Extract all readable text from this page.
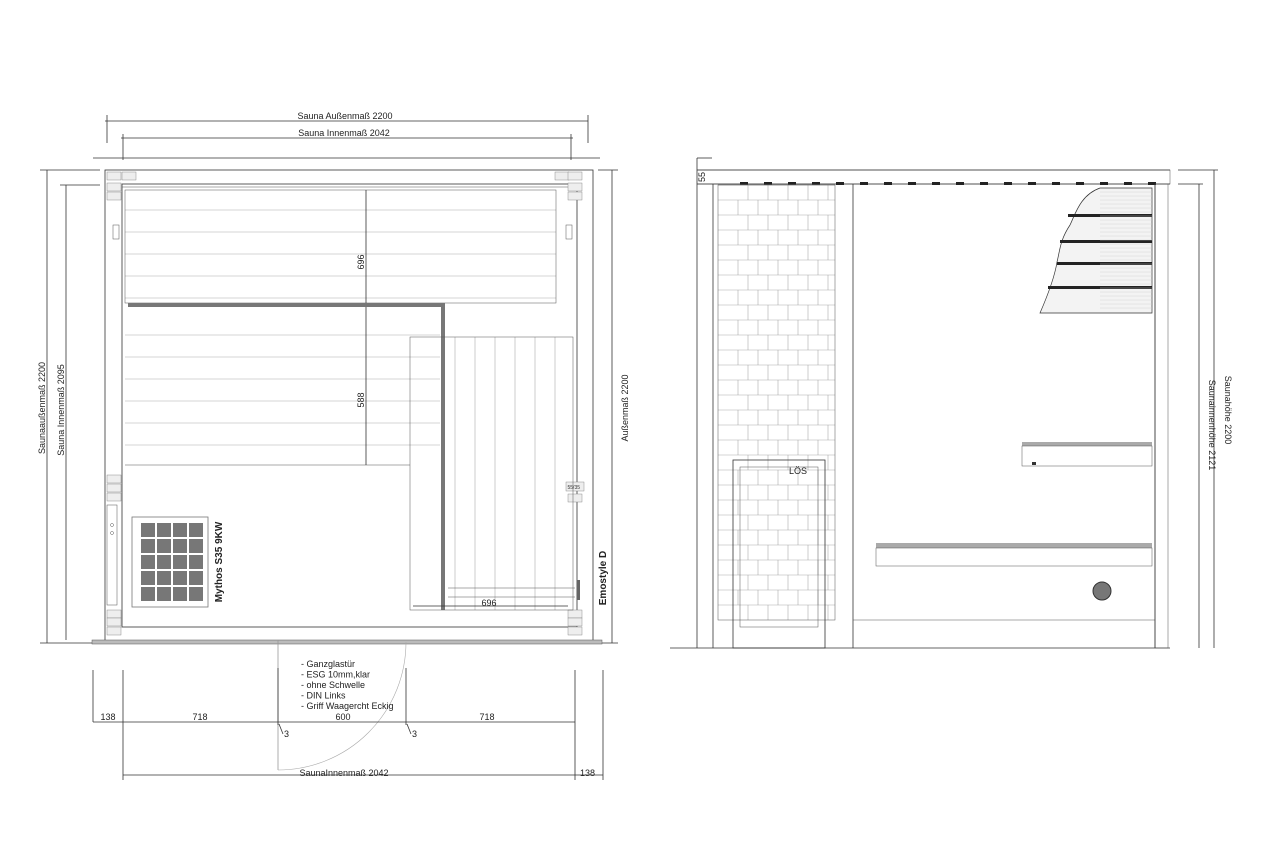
Sauna Außenmaß 2200
Sauna Innenmaß 2042
Saunaaußenmaß 2200 Sauna Innenmaß 2095	Außenmaß 2200
55/35
696
588
696
Mythos S35 9KW	Emostyle D
- Ganzglastür
- ESG 10mm,klar
- ohne Schwelle
- DIN Links
- Griff Waagercht Eckig
138	718	600	718
3	3
SaunaInnenmaß 2042	138
55
LÖS
Saunahöhe 2200
Saunainnenhöhe 2121
